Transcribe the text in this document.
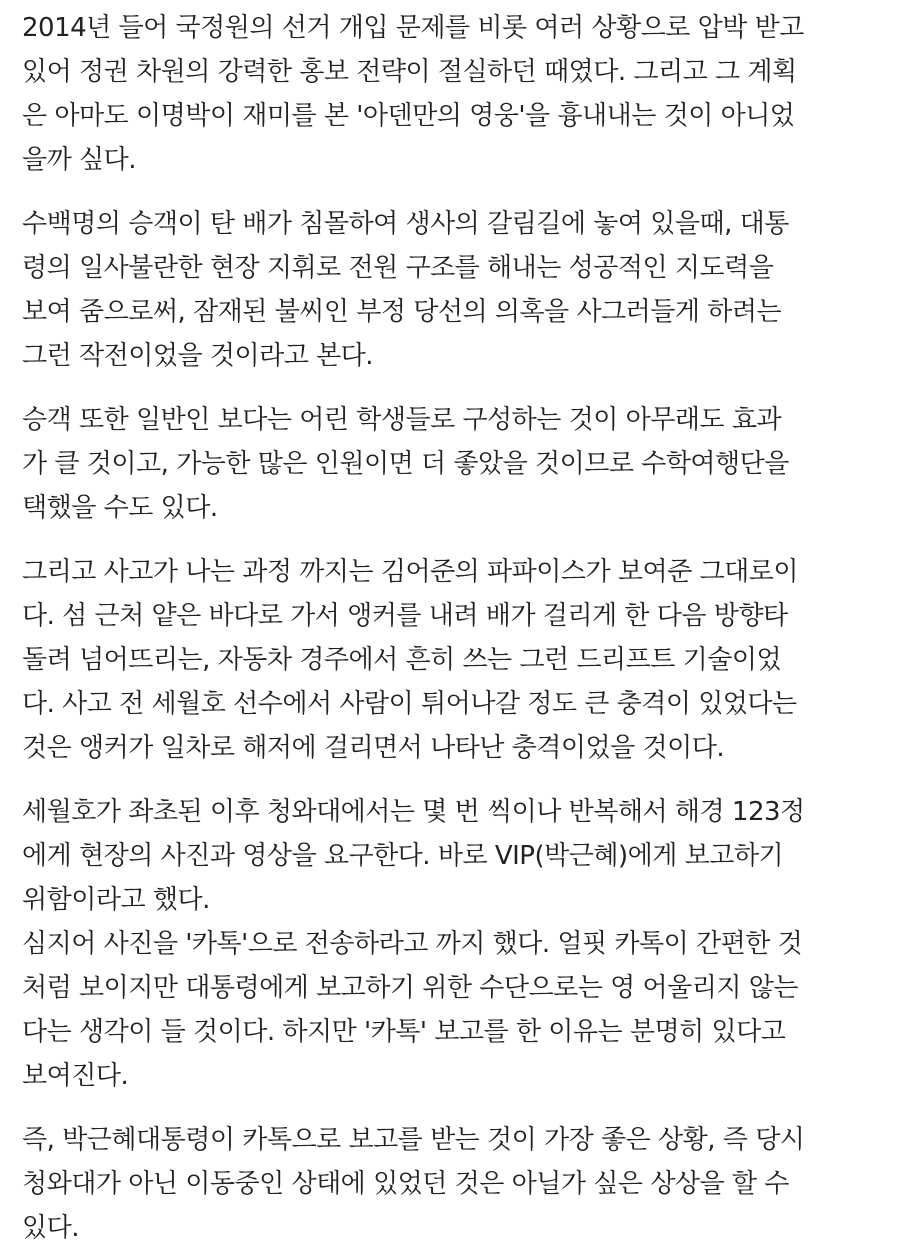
2014년 들어 국정원의 선거 개입 문제를 비롯 여러 상황으로 압박 받고
있어 정권 차원의 강력한 홍보 전략이 절실하던 때였다. 그리고 그 계획
은 아마도 이명박이 재미를 본 '아덴만의 영웅'을 흉내내는 것이 아니었
을까 싶다.
수백명의 승객이 탄 배가 침몰하여 생사의 갈림길에 놓여 있을때, 대통
령의 일사불란한 현장 지휘로 전원 구조를 해내는 성공적인 지도력을
보여 줌으로써, 잠재된 불씨인 부정 당선의 의혹을 사그러들게 하려는
그런 작전이었을 것이라고 본다.
승객 또한 일반인 보다는 어린 학생들로 구성하는 것이 아무래도 효과
가 클 것이고, 가능한 많은 인원이면 더 좋았을 것이므로 수학여행단을
택했을 수도 있다.
그리고 사고가 나는 과정 까지는 김어준의 파파이스가 보여준 그대로이
다. 섬 근처 얕은 바다로 가서 앵커를 내려 배가 걸리게 한 다음 방향타
돌려 넘어뜨리는, 자동차 경주에서 흔히 쓰는 그런 드리프트 기술이었
다. 사고 전 세월호 선수에서 사람이 튀어나갈 정도 큰 충격이 있었다는
것은 앵커가 일차로 해저에 걸리면서 나타난 충격이었을 것이다.
세월호가 좌초된 이후 청와대에서는 몇 번 씩이나 반복해서 해경 123정
에게 현장의 사진과 영상을 요구한다. 바로 VIP(박근혜)에게 보고하기
위함이라고 했다.
심지어 사진을 '카톡'으로 전송하라고 까지 했다. 얼핏 카톡이 간편한 것
처럼 보이지만 대통령에게 보고하기 위한 수단으로는 영 어울리지 않는
다는 생각이 들 것이다. 하지만 '카톡' 보고를 한 이유는 분명히 있다고
보여진다.
즉, 박근혜대통령이 카톡으로 보고를 받는 것이 가장 좋은 상황, 즉 당시
청와대가 아닌 이동중인 상태에 있었던 것은 아닐가 싶은 상상을 할 수
있다.
